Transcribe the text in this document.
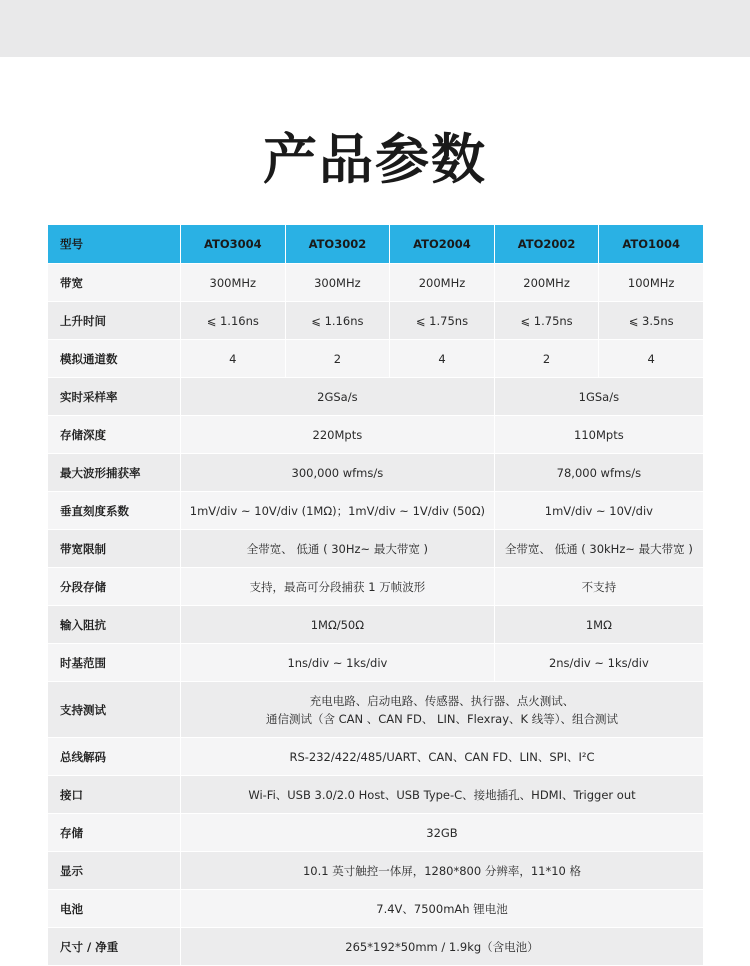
产品参数
型号	ATO3004	ATO3002	ATO2004	ATO2002	ATO1004
带宽	300MHz	300MHz	200MHz	200MHz	100MHz
上升时间	⩽ 1.16ns	⩽ 1.16ns	⩽ 1.75ns	⩽ 1.75ns	⩽ 3.5ns
模拟通道数	4	2	4	2	4
实时采样率	2GSa/s			1GSa/s	
存储深度	220Mpts			110Mpts	
最大波形捕获率	300,000 wfms/s			78,000 wfms/s	
垂直刻度系数	1mV/div ~ 10V/div (1MΩ)；1mV/div ~ 1V/div (50Ω)			1mV/div ~ 10V/div	
带宽限制	全带宽、 低通 ( 30Hz~ 最大带宽 )			全带宽、 低通 ( 30kHz~ 最大带宽 )	
分段存储	支持，最高可分段捕获 1 万帧波形			不支持	
输入阻抗	1MΩ/50Ω			1MΩ	
时基范围	1ns/div ~ 1ks/div			2ns/div ~ 1ks/div	
支持测试	充电电路、启动电路、传感器、执行器、点火测试、
通信测试（含 CAN 、CAN FD、 LIN、Flexray、K 线等）、组合测试				

总线解码	RS-232/422/485/UART、CAN、CAN FD、LIN、SPI、I²C				
接口	Wi-Fi、USB 3.0/2.0 Host、USB Type-C、接地插孔、HDMI、Trigger out				
存储	32GB				
显示	10.1 英寸触控一体屏，1280*800 分辨率，11*10 格				
电池	7.4V、7500mAh 锂电池				
尺寸 / 净重	265*192*50mm / 1.9kg（含电池）				
